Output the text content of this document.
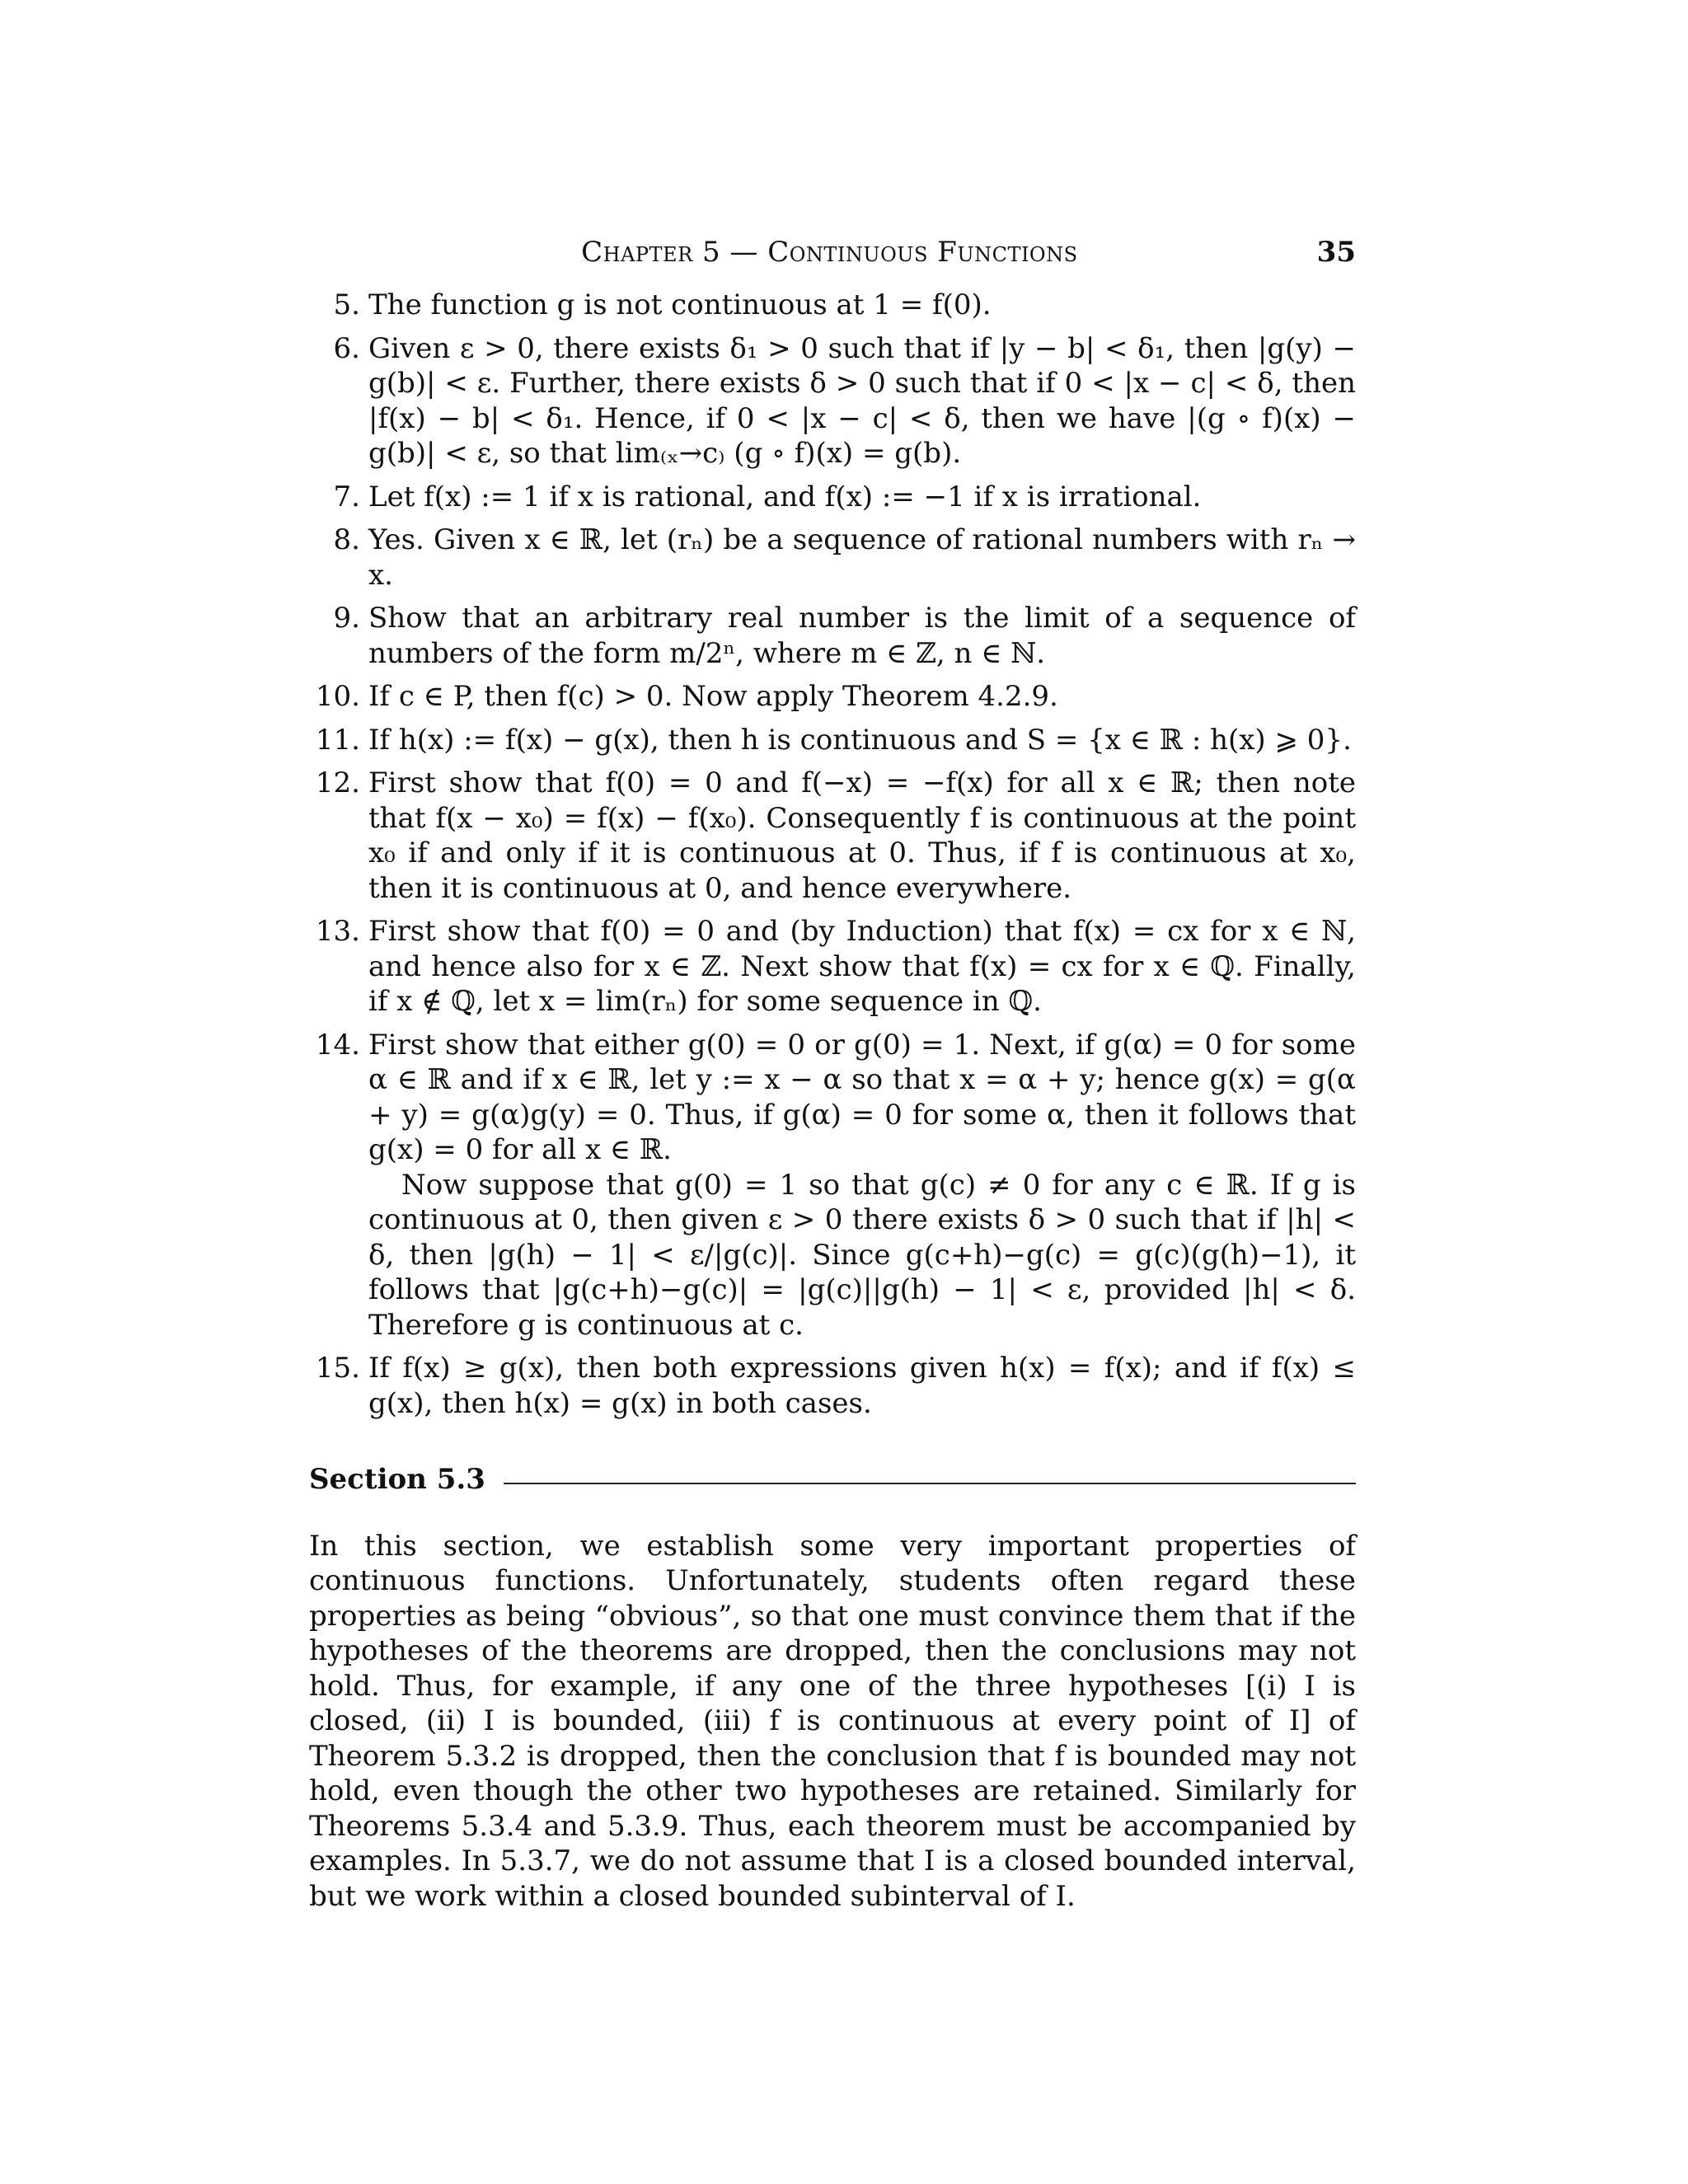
Chapter 5 — Continuous Functions	35
5. The function g is not continuous at 1 = f(0).

6. Given ε > 0, there exists δ₁ > 0 such that if |y − b| < δ₁, then |g(y) − g(b)| < ε. Further, there exists δ > 0 such that if 0 < |x − c| < δ, then |f(x) − b| < δ₁. Hence, if 0 < |x − c| < δ, then we have |(g ∘ f)(x) − g(b)| < ε, so that lim₍ₓ→c₎ (g ∘ f)(x) = g(b).

7. Let f(x) := 1 if x is rational, and f(x) := −1 if x is irrational.

8. Yes. Given x ∈ ℝ, let (rₙ) be a sequence of rational numbers with rₙ → x.

9. Show that an arbitrary real number is the limit of a sequence of numbers of the form m/2ⁿ, where m ∈ ℤ, n ∈ ℕ.

10. If c ∈ P, then f(c) > 0. Now apply Theorem 4.2.9.

11. If h(x) := f(x) − g(x), then h is continuous and S = {x ∈ ℝ : h(x) ⩾ 0}.

12. First show that f(0) = 0 and f(−x) = −f(x) for all x ∈ ℝ; then note that f(x − x₀) = f(x) − f(x₀). Consequently f is continuous at the point x₀ if and only if it is continuous at 0. Thus, if f is continuous at x₀, then it is continuous at 0, and hence everywhere.

13. First show that f(0) = 0 and (by Induction) that f(x) = cx for x ∈ ℕ, and hence also for x ∈ ℤ. Next show that f(x) = cx for x ∈ ℚ. Finally, if x ∉ ℚ, let x = lim(rₙ) for some sequence in ℚ.

14. First show that either g(0) = 0 or g(0) = 1. Next, if g(α) = 0 for some α ∈ ℝ and if x ∈ ℝ, let y := x − α so that x = α + y; hence g(x) = g(α + y) = g(α)g(y) = 0. Thus, if g(α) = 0 for some α, then it follows that g(x) = 0 for all x ∈ ℝ.

Now suppose that g(0) = 1 so that g(c) ≠ 0 for any c ∈ ℝ. If g is continuous at 0, then given ε > 0 there exists δ > 0 such that if |h| < δ, then |g(h) − 1| < ε/|g(c)|. Since g(c+h)−g(c) = g(c)(g(h)−1), it follows that |g(c+h)−g(c)| = |g(c)||g(h) − 1| < ε, provided |h| < δ. Therefore g is continuous at c.

15. If f(x) ≥ g(x), then both expressions given h(x) = f(x); and if f(x) ≤ g(x), then h(x) = g(x) in both cases.

Section 5.3

In this section, we establish some very important properties of continuous functions. Unfortunately, students often regard these properties as being “obvious”, so that one must convince them that if the hypotheses of the theorems are dropped, then the conclusions may not hold. Thus, for example, if any one of the three hypotheses [(i) I is closed, (ii) I is bounded, (iii) f is continuous at every point of I] of Theorem 5.3.2 is dropped, then the conclusion that f is bounded may not hold, even though the other two hypotheses are retained. Similarly for Theorems 5.3.4 and 5.3.9. Thus, each theorem must be accompanied by examples. In 5.3.7, we do not assume that I is a closed bounded interval, but we work within a closed bounded subinterval of I.
